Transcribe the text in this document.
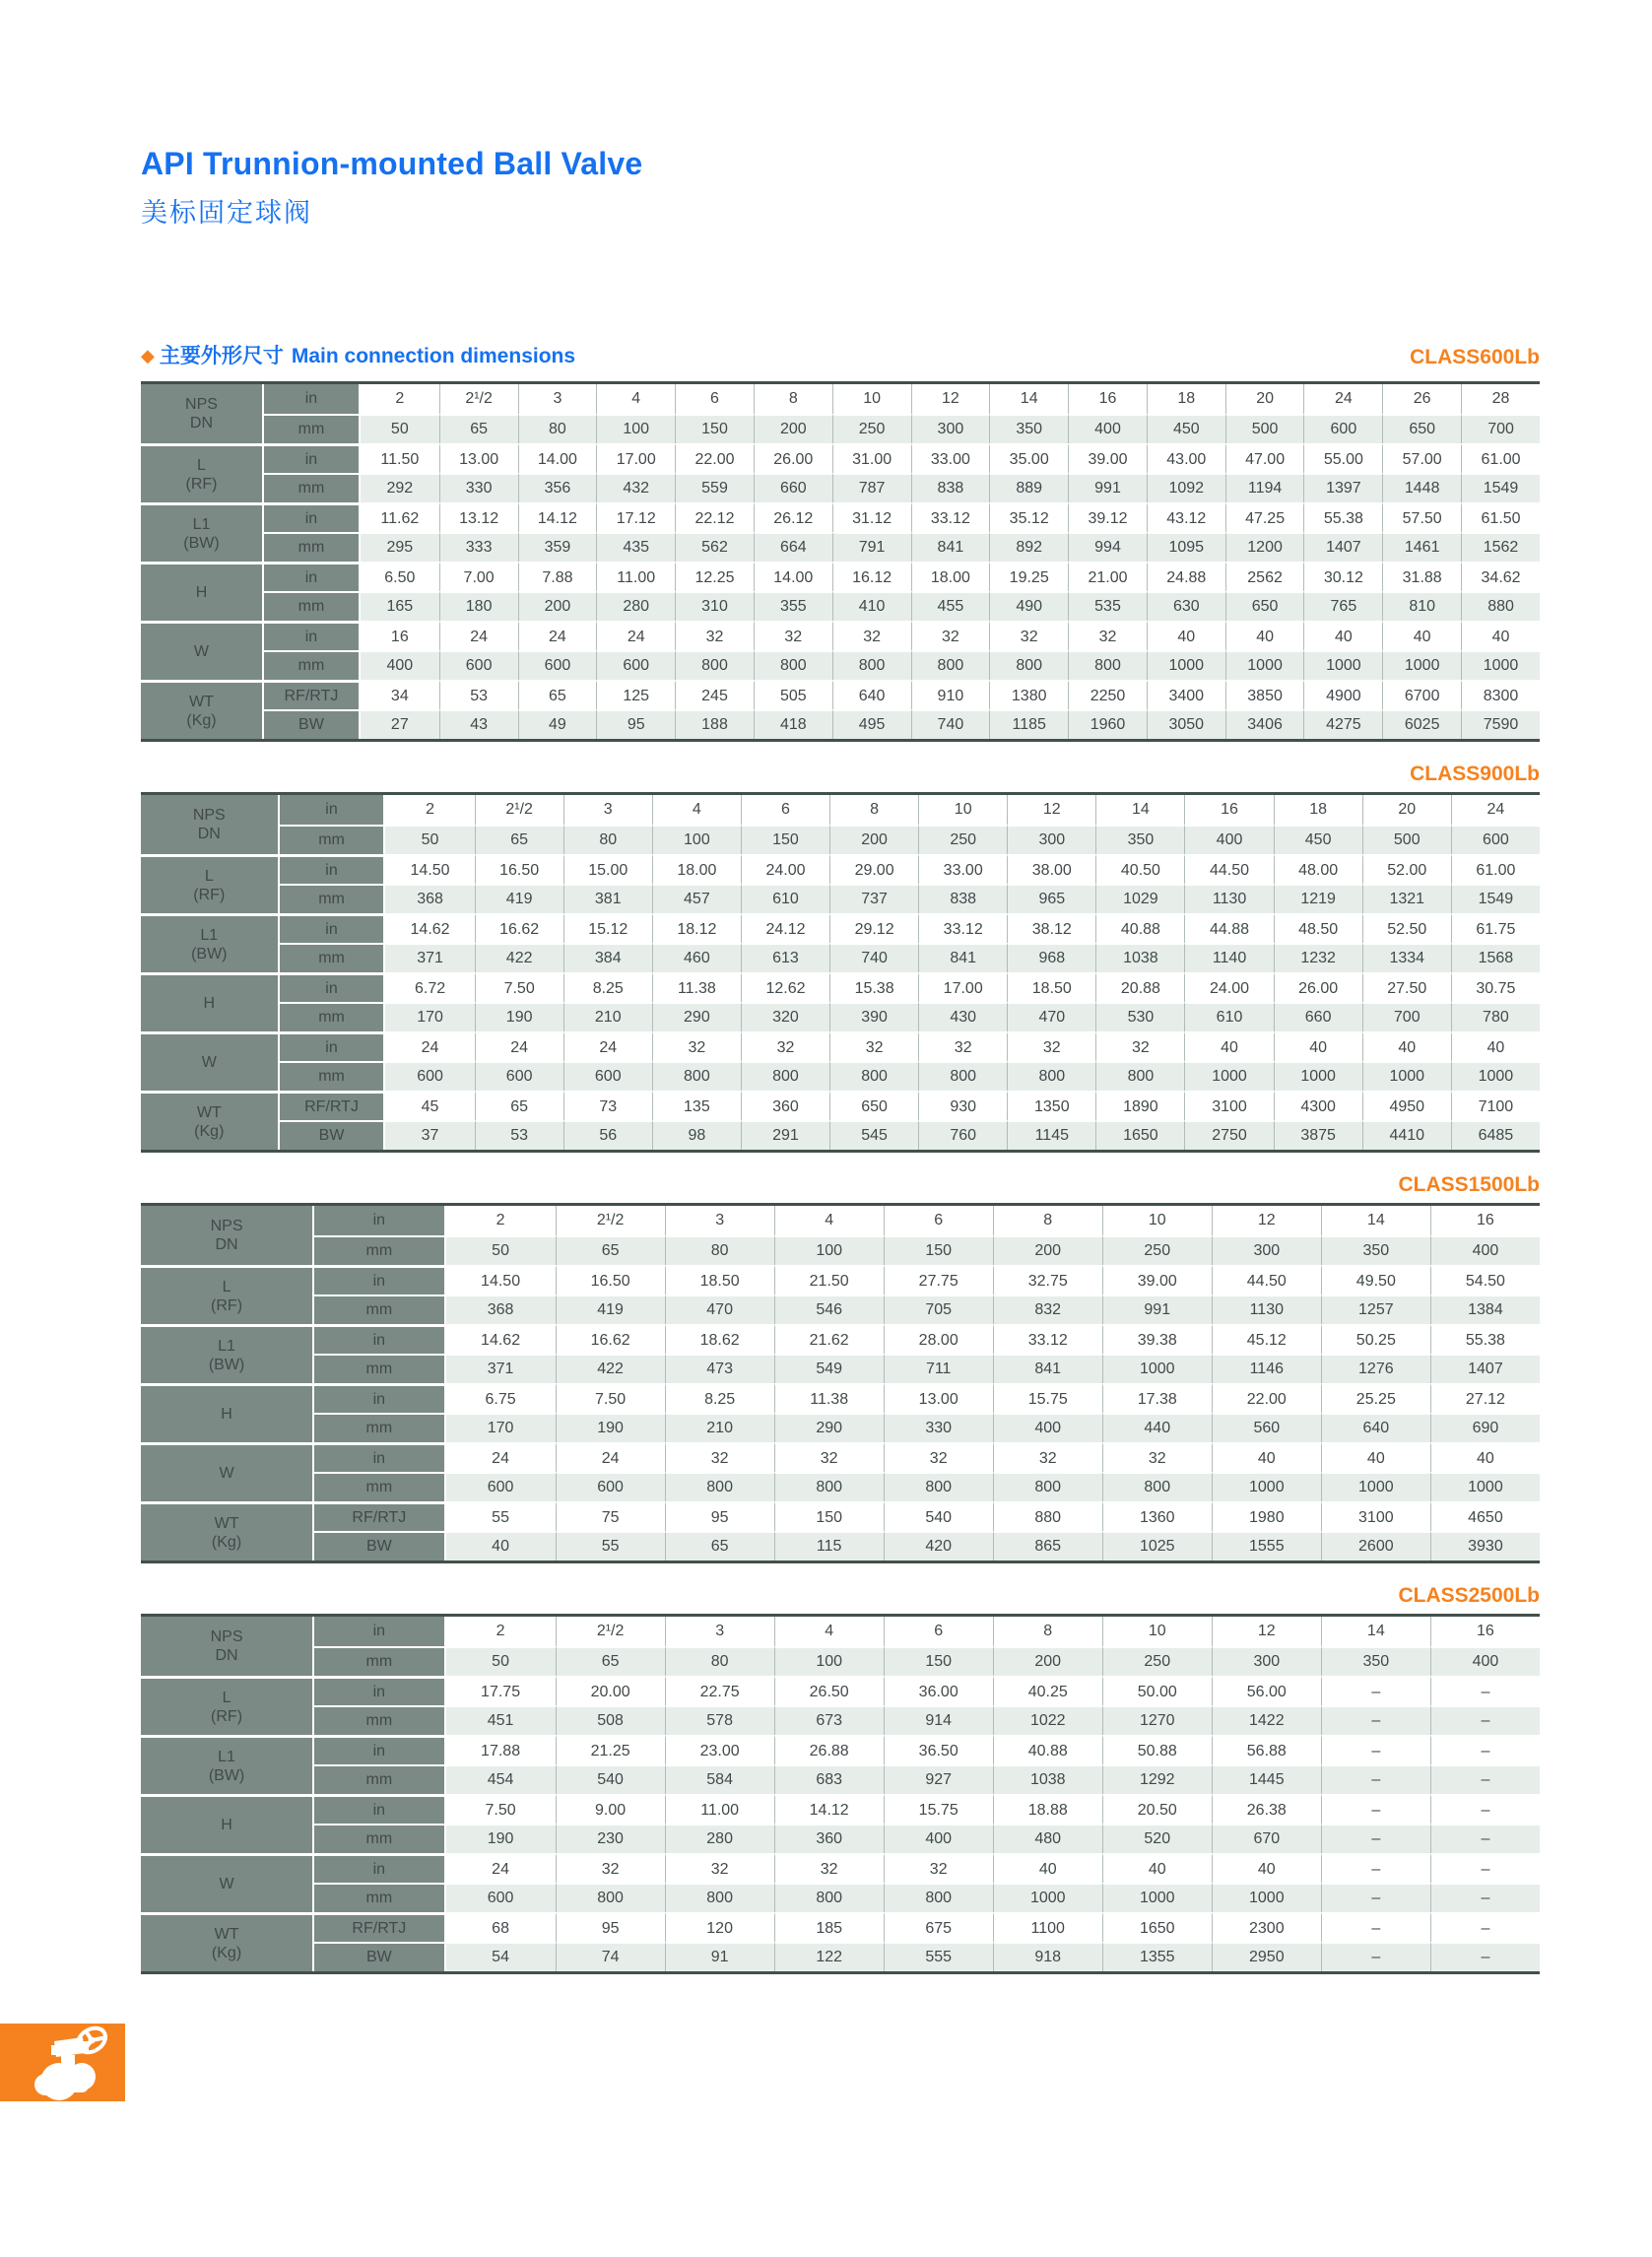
API Trunnion-mounted Ball Valve
美标固定球阀
◆ 主要外形尺寸 Main connection dimensions	CLASS600Lb
NPS
DN	in	2	2¹/2	3	4	6	8	10	12	14	16	18	20	24	26	28
	mm	50	65	80	100	150	200	250	300	350	400	450	500	600	650	700

L
(RF)	in	11.50	13.00	14.00	17.00	22.00	26.00	31.00	33.00	35.00	39.00	43.00	47.00	55.00	57.00	61.00
	mm	292	330	356	432	559	660	787	838	889	991	1092	1194	1397	1448	1549

L1
(BW)	in	11.62	13.12	14.12	17.12	22.12	26.12	31.12	33.12	35.12	39.12	43.12	47.25	55.38	57.50	61.50
	mm	295	333	359	435	562	664	791	841	892	994	1095	1200	1407	1461	1562

H	in	6.50	7.00	7.88	11.00	12.25	14.00	16.12	18.00	19.25	21.00	24.88	2562	30.12	31.88	34.62
	mm	165	180	200	280	310	355	410	455	490	535	630	650	765	810	880

W	in	16	24	24	24	32	32	32	32	32	32	40	40	40	40	40
	mm	400	600	600	600	800	800	800	800	800	800	1000	1000	1000	1000	1000

WT
(Kg)	RF/RTJ	34	53	65	125	245	505	640	910	1380	2250	3400	3850	4900	6700	8300
	BW	27	43	49	95	188	418	495	740	1185	1960	3050	3406	4275	6025	7590
CLASS900Lb
NPS
DN	in	2	2¹/2	3	4	6	8	10	12	14	16	18	20	24
	mm	50	65	80	100	150	200	250	300	350	400	450	500	600

L
(RF)	in	14.50	16.50	15.00	18.00	24.00	29.00	33.00	38.00	40.50	44.50	48.00	52.00	61.00
	mm	368	419	381	457	610	737	838	965	1029	1130	1219	1321	1549

L1
(BW)	in	14.62	16.62	15.12	18.12	24.12	29.12	33.12	38.12	40.88	44.88	48.50	52.50	61.75
	mm	371	422	384	460	613	740	841	968	1038	1140	1232	1334	1568

H	in	6.72	7.50	8.25	11.38	12.62	15.38	17.00	18.50	20.88	24.00	26.00	27.50	30.75
	mm	170	190	210	290	320	390	430	470	530	610	660	700	780

W	in	24	24	24	32	32	32	32	32	32	40	40	40	40
	mm	600	600	600	800	800	800	800	800	800	1000	1000	1000	1000

WT
(Kg)	RF/RTJ	45	65	73	135	360	650	930	1350	1890	3100	4300	4950	7100
	BW	37	53	56	98	291	545	760	1145	1650	2750	3875	4410	6485
CLASS1500Lb
NPS
DN	in	2	2¹/2	3	4	6	8	10	12	14	16
	mm	50	65	80	100	150	200	250	300	350	400

L
(RF)	in	14.50	16.50	18.50	21.50	27.75	32.75	39.00	44.50	49.50	54.50
	mm	368	419	470	546	705	832	991	1130	1257	1384

L1
(BW)	in	14.62	16.62	18.62	21.62	28.00	33.12	39.38	45.12	50.25	55.38
	mm	371	422	473	549	711	841	1000	1146	1276	1407

H	in	6.75	7.50	8.25	11.38	13.00	15.75	17.38	22.00	25.25	27.12
	mm	170	190	210	290	330	400	440	560	640	690

W	in	24	24	32	32	32	32	32	40	40	40
	mm	600	600	800	800	800	800	800	1000	1000	1000

WT
(Kg)	RF/RTJ	55	75	95	150	540	880	1360	1980	3100	4650
	BW	40	55	65	115	420	865	1025	1555	2600	3930
CLASS2500Lb
NPS
DN	in	2	2¹/2	3	4	6	8	10	12	14	16
	mm	50	65	80	100	150	200	250	300	350	400

L
(RF)	in	17.75	20.00	22.75	26.50	36.00	40.25	50.00	56.00	–	–
	mm	451	508	578	673	914	1022	1270	1422	–	–

L1
(BW)	in	17.88	21.25	23.00	26.88	36.50	40.88	50.88	56.88	–	–
	mm	454	540	584	683	927	1038	1292	1445	–	–

H	in	7.50	9.00	11.00	14.12	15.75	18.88	20.50	26.38	–	–
	mm	190	230	280	360	400	480	520	670	–	–

W	in	24	32	32	32	32	40	40	40	–	–
	mm	600	800	800	800	800	1000	1000	1000	–	–

WT
(Kg)	RF/RTJ	68	95	120	185	675	1100	1650	2300	–	–
	BW	54	74	91	122	555	918	1355	2950	–	–
